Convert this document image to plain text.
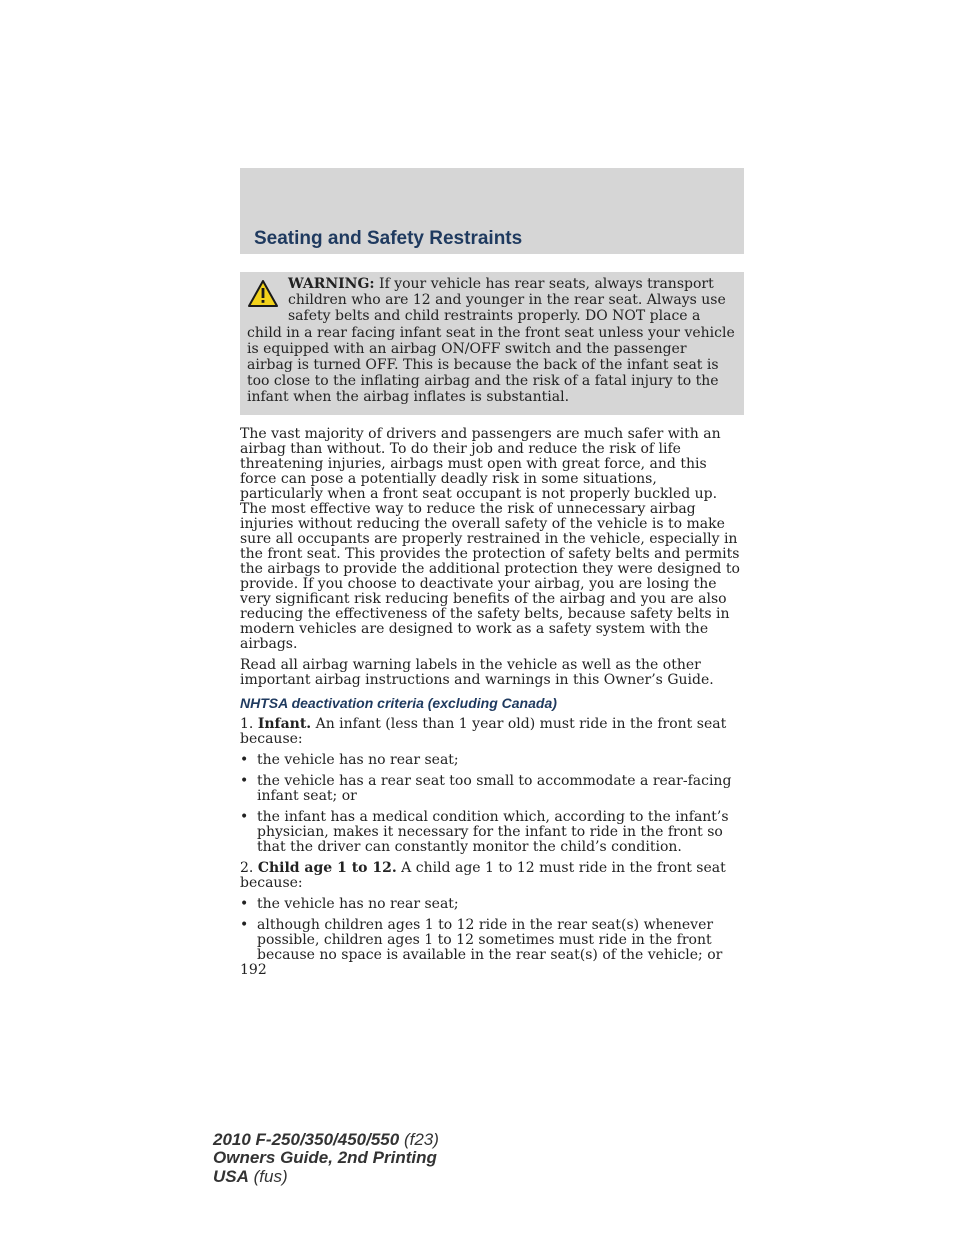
Seating and Safety Restraints
WARNING: If your vehicle has rear seats, always transport children who are 12 and younger in the rear seat. Always use safety belts and child restraints properly. DO NOT place a child in a rear facing infant seat in the front seat unless your vehicle is equipped with an airbag ON/OFF switch and the passenger airbag is turned OFF. This is because the back of the infant seat is too close to the inflating airbag and the risk of a fatal injury to the infant when the airbag inflates is substantial.

The vast majority of drivers and passengers are much safer with an airbag than without. To do their job and reduce the risk of life threatening injuries, airbags must open with great force, and this force can pose a potentially deadly risk in some situations, particularly when a front seat occupant is not properly buckled up. The most effective way to reduce the risk of unnecessary airbag injuries without reducing the overall safety of the vehicle is to make sure all occupants are properly restrained in the vehicle, especially in the front seat. This provides the protection of safety belts and permits the airbags to provide the additional protection they were designed to provide. If you choose to deactivate your airbag, you are losing the very significant risk reducing benefits of the airbag and you are also reducing the effectiveness of the safety belts, because safety belts in modern vehicles are designed to work as a safety system with the airbags.

Read all airbag warning labels in the vehicle as well as the other important airbag instructions and warnings in this Owner’s Guide.

NHTSA deactivation criteria (excluding Canada)

1. Infant. An infant (less than 1 year old) must ride in the front seat because:

• the vehicle has no rear seat;
• the vehicle has a rear seat too small to accommodate a rear-facing infant seat; or
• the infant has a medical condition which, according to the infant’s physician, makes it necessary for the infant to ride in the front so that the driver can constantly monitor the child’s condition.

2. Child age 1 to 12. A child age 1 to 12 must ride in the front seat because:

• the vehicle has no rear seat;
• although children ages 1 to 12 ride in the rear seat(s) whenever possible, children ages 1 to 12 sometimes must ride in the front because no space is available in the rear seat(s) of the vehicle; or
192
2010 F-250/350/450/550 (f23)
Owners Guide, 2nd Printing
USA (fus)
